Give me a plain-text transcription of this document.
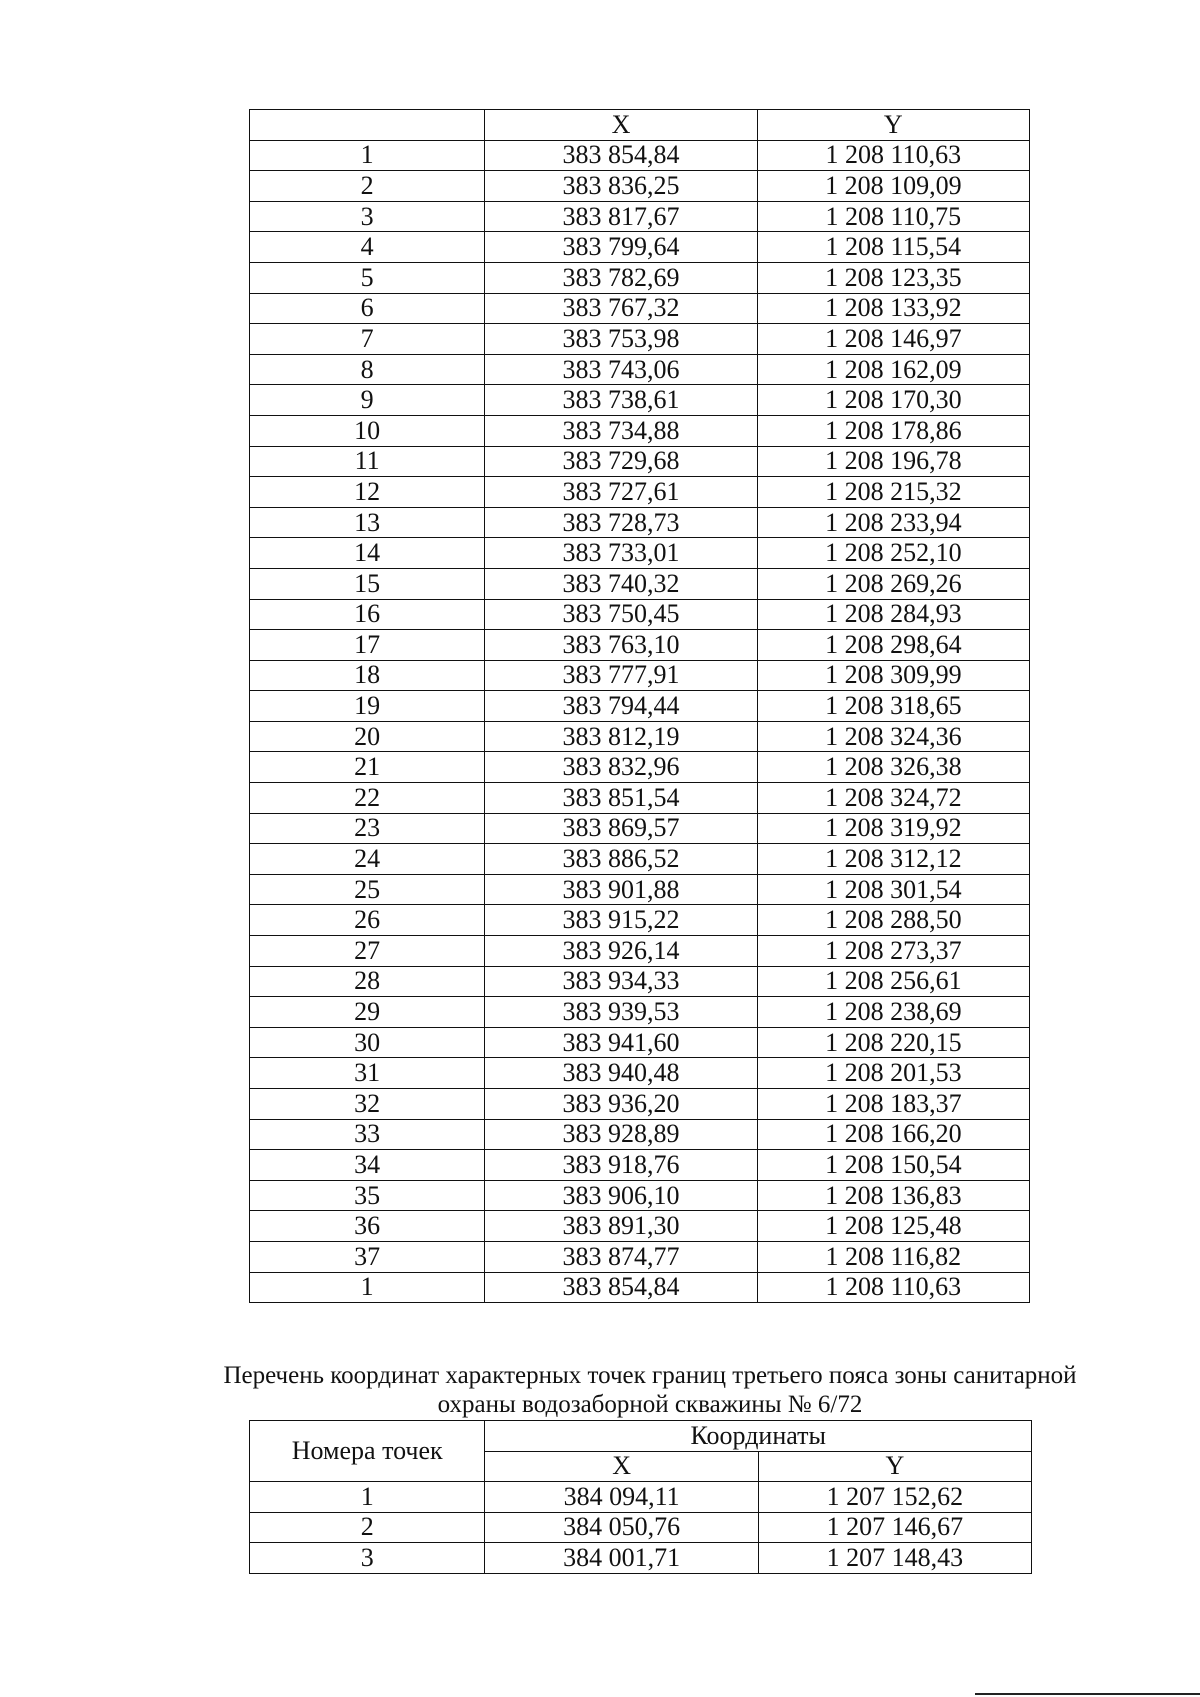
	X	Y
1	383 854,84	1 208 110,63
2	383 836,25	1 208 109,09
3	383 817,67	1 208 110,75
4	383 799,64	1 208 115,54
5	383 782,69	1 208 123,35
6	383 767,32	1 208 133,92
7	383 753,98	1 208 146,97
8	383 743,06	1 208 162,09
9	383 738,61	1 208 170,30
10	383 734,88	1 208 178,86
11	383 729,68	1 208 196,78
12	383 727,61	1 208 215,32
13	383 728,73	1 208 233,94
14	383 733,01	1 208 252,10
15	383 740,32	1 208 269,26
16	383 750,45	1 208 284,93
17	383 763,10	1 208 298,64
18	383 777,91	1 208 309,99
19	383 794,44	1 208 318,65
20	383 812,19	1 208 324,36
21	383 832,96	1 208 326,38
22	383 851,54	1 208 324,72
23	383 869,57	1 208 319,92
24	383 886,52	1 208 312,12
25	383 901,88	1 208 301,54
26	383 915,22	1 208 288,50
27	383 926,14	1 208 273,37
28	383 934,33	1 208 256,61
29	383 939,53	1 208 238,69
30	383 941,60	1 208 220,15
31	383 940,48	1 208 201,53
32	383 936,20	1 208 183,37
33	383 928,89	1 208 166,20
34	383 918,76	1 208 150,54
35	383 906,10	1 208 136,83
36	383 891,30	1 208 125,48
37	383 874,77	1 208 116,82
1	383 854,84	1 208 110,63
Перечень координат характерных точек границ третьего пояса зоны санитарной
охраны водозаборной скважины № 6/72
Номера точек	Координаты	
	X	Y
1	384 094,11	1 207 152,62
2	384 050,76	1 207 146,67
3	384 001,71	1 207 148,43
